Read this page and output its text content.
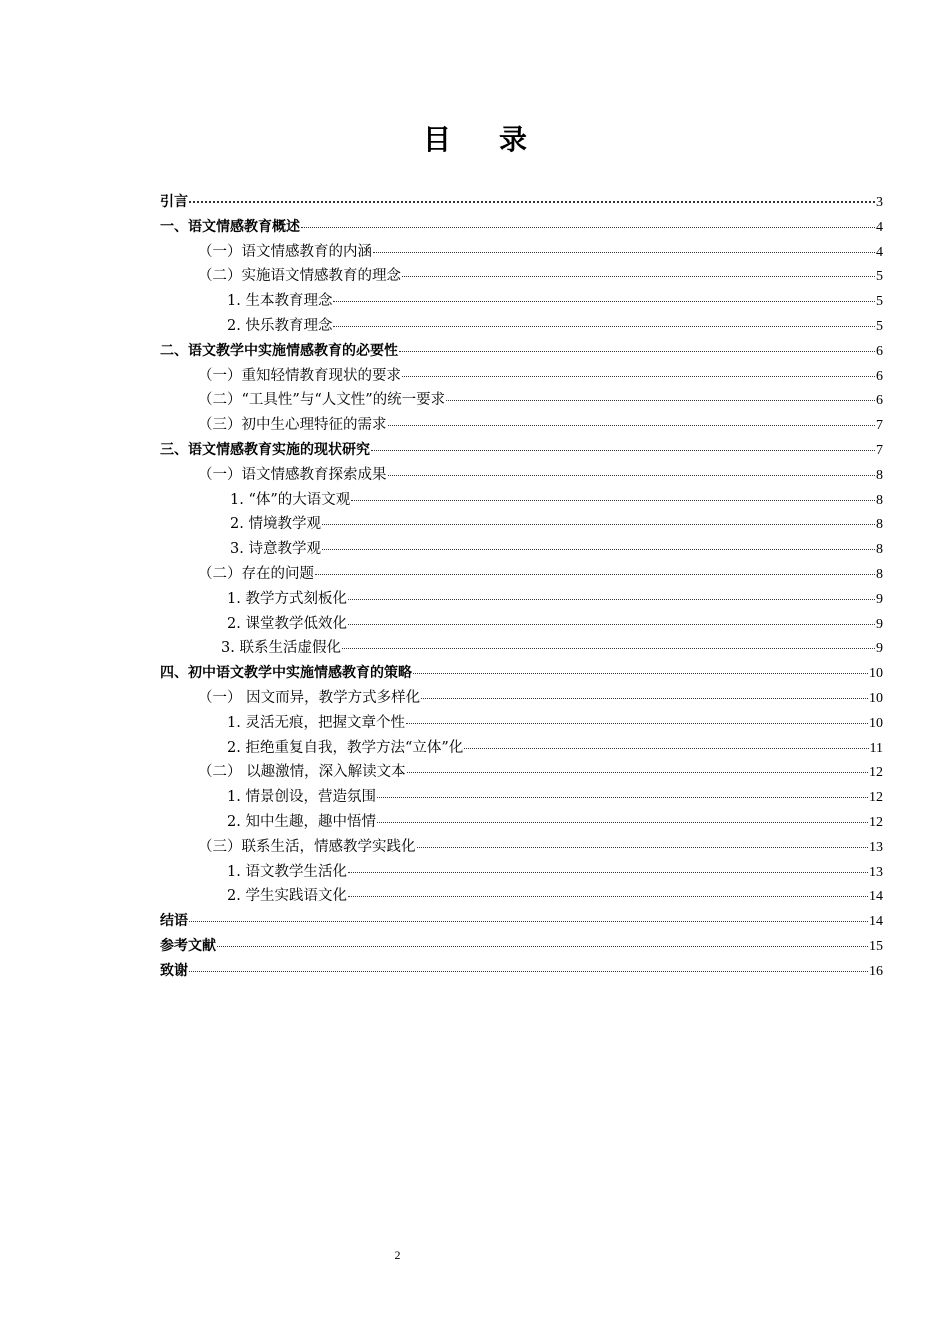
目 录
引言	3
一、语文情感教育概述	4
（一）语文情感教育的内涵	4
（二）实施语文情感教育的理念	5
1. 生本教育理念	5
2. 快乐教育理念	5
二、语文教学中实施情感教育的必要性	6
（一）重知轻情教育现状的要求	6
（二）“工具性”与“人文性”的统一要求	6
（三）初中生心理特征的需求	7
三、语文情感教育实施的现状研究	7
（一）语文情感教育探索成果	8
1. “体”的大语文观	8
2. 情境教学观	8
3. 诗意教学观	8
（二）存在的问题	8
1. 教学方式刻板化	9
2. 课堂教学低效化	9
3. 联系生活虚假化	9
四、初中语文教学中实施情感教育的策略	10
（一） 因文而异，教学方式多样化	10
1. 灵活无痕，把握文章个性	10
2. 拒绝重复自我，教学方法“立体”化	11
（二） 以趣激情，深入解读文本	12
1. 情景创设，营造氛围	12
2. 知中生趣，趣中悟情	12
（三）联系生活，情感教学实践化	13
1. 语文教学生活化	13
2. 学生实践语文化	14
结语	14
参考文献	15
致谢	16
2
